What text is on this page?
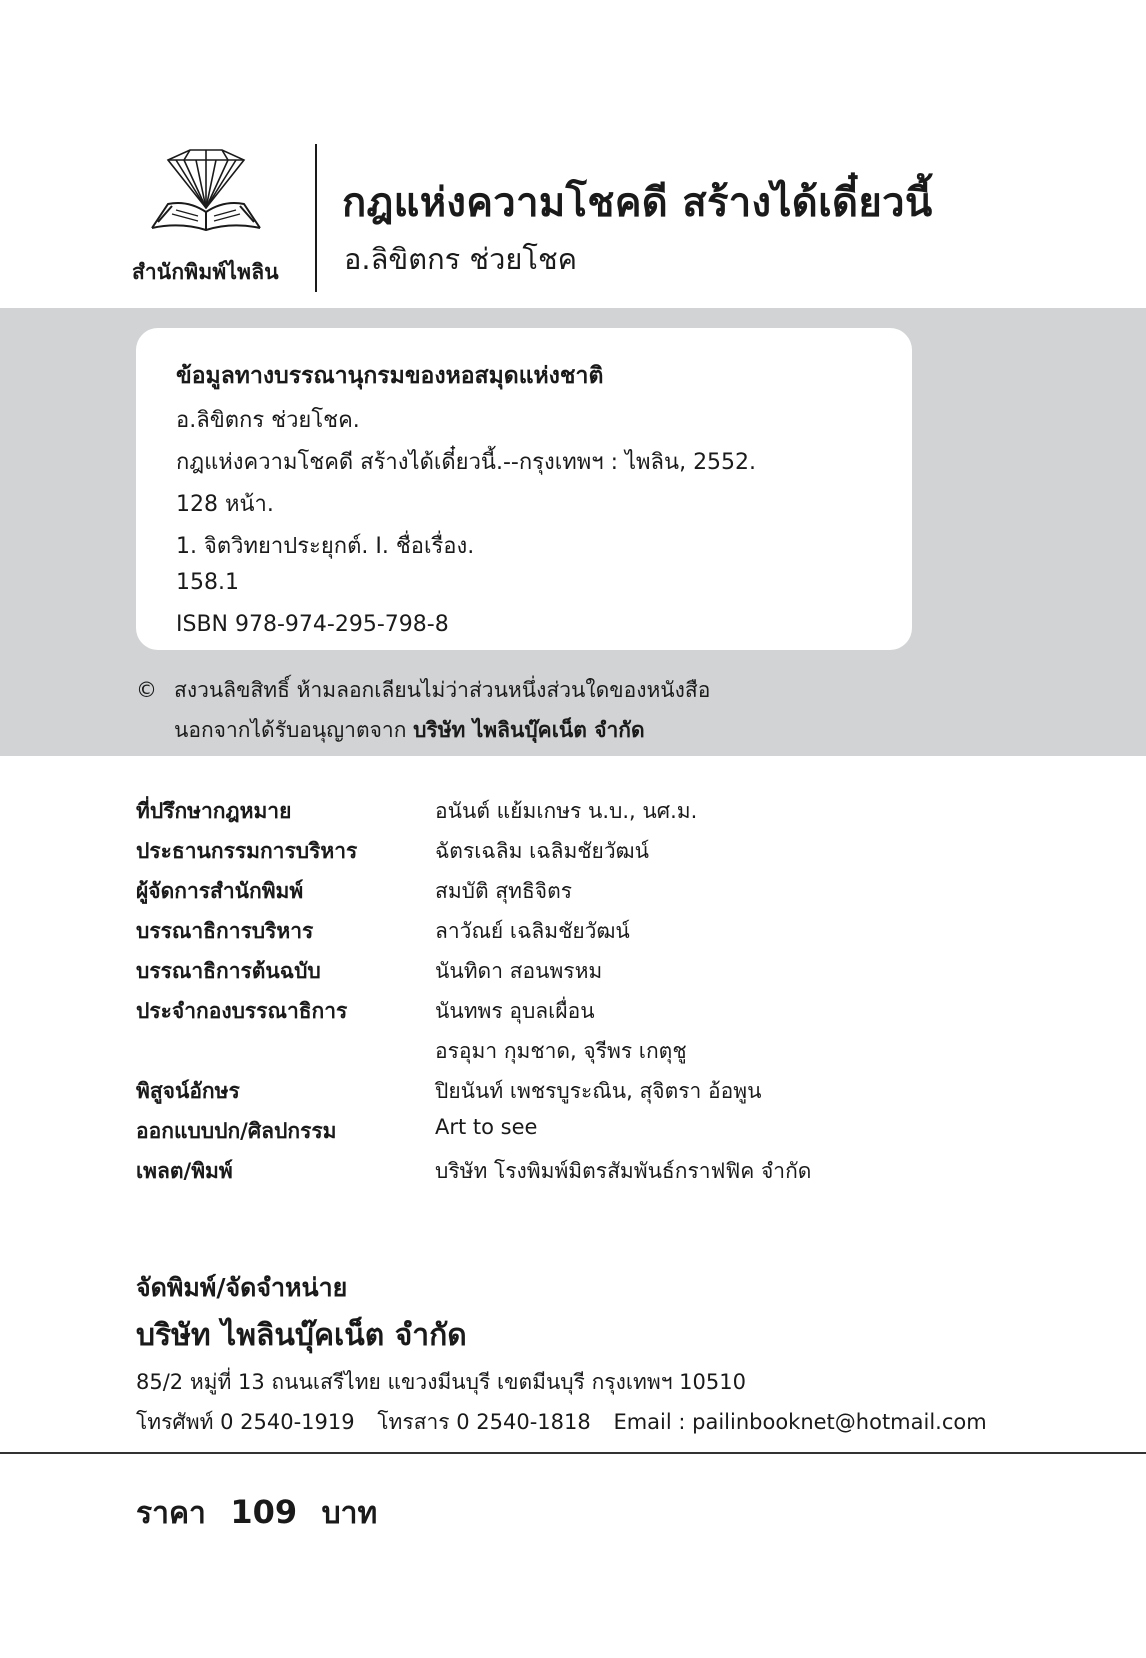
สำนักพิมพ์ไพลิน
กฎแห่งความโชคดี สร้างได้เดี๋ยวนี้
อ.ลิขิตกร ช่วยโชค
ข้อมูลทางบรรณานุกรมของหอสมุดแห่งชาติ
อ.ลิขิตกร ช่วยโชค.
กฎแห่งความโชคดี สร้างได้เดี๋ยวนี้.--กรุงเทพฯ : ไพลิน, 2552.
128 หน้า.
1. จิตวิทยาประยุกต์. I. ชื่อเรื่อง.
158.1
ISBN 978-974-295-798-8
© สงวนลิขสิทธิ์ ห้ามลอกเลียนไม่ว่าส่วนหนึ่งส่วนใดของหนังสือ
นอกจากได้รับอนุญาตจาก บริษัท ไพลินบุ๊คเน็ต จำกัด
ที่ปรึกษากฎหมาย	อนันต์ แย้มเกษร น.บ., นศ.ม.
ประธานกรรมการบริหาร	ฉัตรเฉลิม เฉลิมชัยวัฒน์
ผู้จัดการสำนักพิมพ์	สมบัติ สุทธิจิตร
บรรณาธิการบริหาร	ลาวัณย์ เฉลิมชัยวัฒน์
บรรณาธิการต้นฉบับ	นันทิดา สอนพรหม
ประจำกองบรรณาธิการ	นันทพร อุบลเผื่อน
อรอุมา กุมชาด, จุรีพร เกตุชู
พิสูจน์อักษร	ปิยนันท์ เพชรบูระณิน, สุจิตรา อ้อพูน
ออกแบบปก/ศิลปกรรม	Art to see
เพลต/พิมพ์	บริษัท โรงพิมพ์มิตรสัมพันธ์กราฟฟิค จำกัด
จัดพิมพ์/จัดจำหน่าย
บริษัท ไพลินบุ๊คเน็ต จำกัด
85/2 หมู่ที่ 13 ถนนเสรีไทย แขวงมีนบุรี เขตมีนบุรี กรุงเทพฯ 10510
โทรศัพท์ 0 2540-1919 โทรสาร 0 2540-1818 Email : pailinbooknet@hotmail.com
ราคา 109 บาท
